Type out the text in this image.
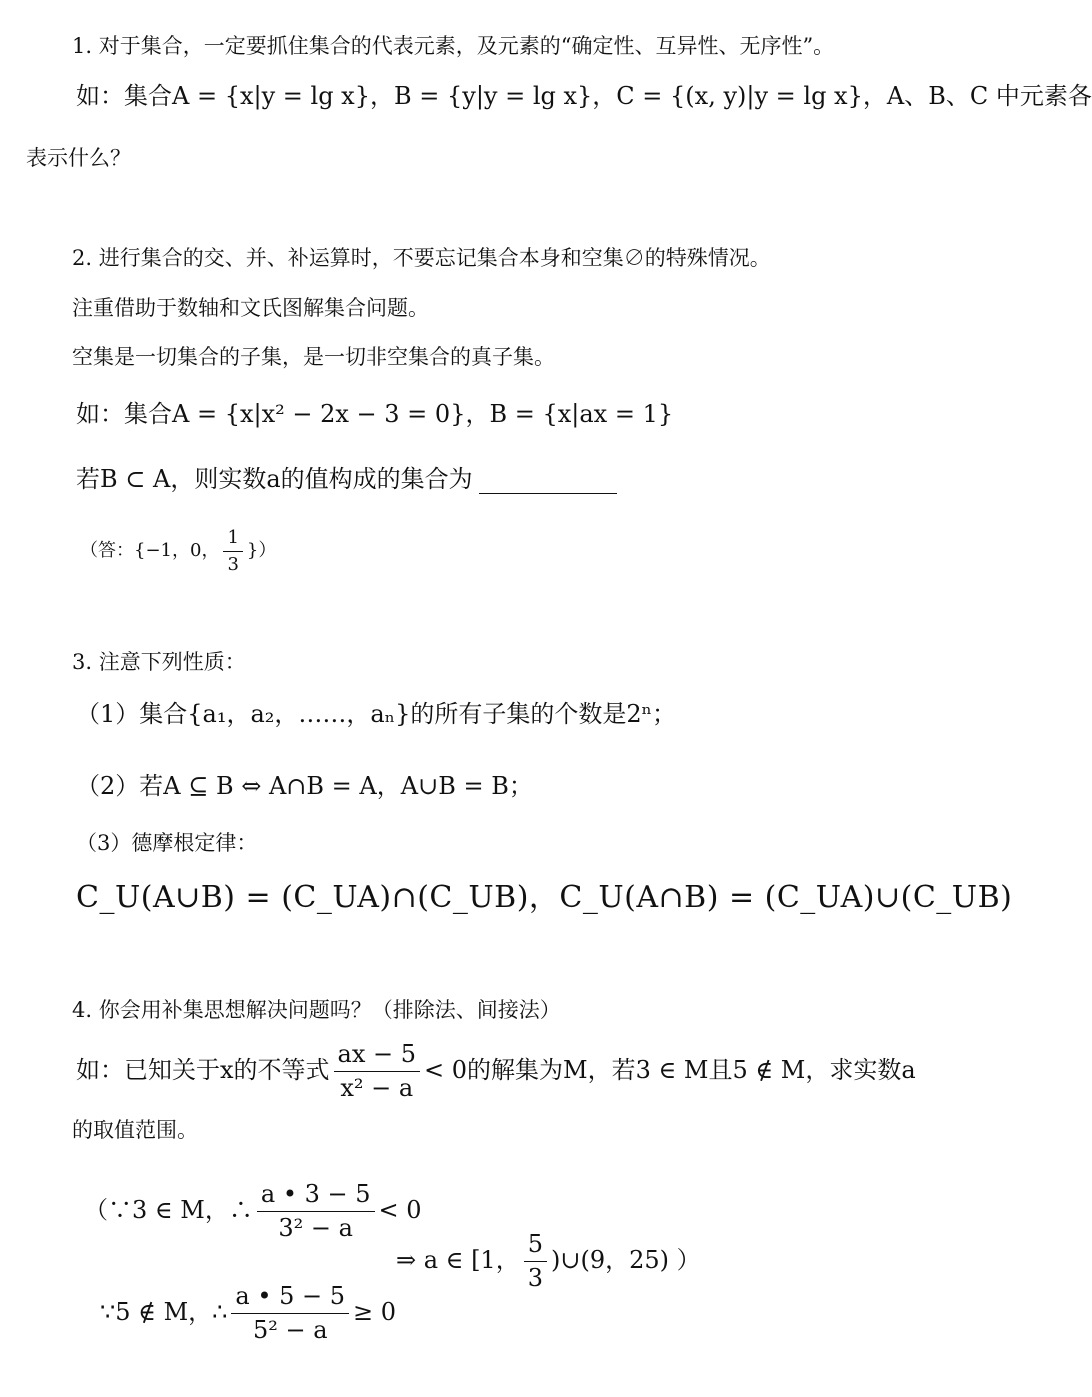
1. 对于集合，一定要抓住集合的代表元素，及元素的“确定性、互异性、无序性”。
如：集合A = {x|y = lg x}，B = {y|y = lg x}，C = {(x, y)|y = lg x}，A、B、C 中元素各
表示什么？
2. 进行集合的交、并、补运算时，不要忘记集合本身和空集∅的特殊情况。
注重借助于数轴和文氏图解集合问题。
空集是一切集合的子集，是一切非空集合的真子集。
如：集合A = {x|x² − 2x − 3 = 0}，B = {x|ax = 1}
若B ⊂ A，则实数a的值构成的集合为
（答：{−1，0， $\frac{1}{3}$ }）
3. 注意下列性质：
（1）集合{a₁，a₂，……，aₙ}的所有子集的个数是2ⁿ；
（2）若A ⊆ B ⇔ A∩B = A，A∪B = B；
（3）德摩根定律：
C_U(A∪B) = (C_UA)∩(C_UB)，C_U(A∩B) = (C_UA)∪(C_UB)
4. 你会用补集思想解决问题吗？（排除法、间接法）
如：已知关于x的不等式 $\frac{ax - 5}{\text{x² − a}} < 0$的解集为M，若3 ∈ M且5 ∉ M，求实数a
的取值范围。
（∵3 ∈ M，∴ $\frac{a • 3 - 5}{\text{3² − a}} < 0$
⇒ a ∈ [1， $\frac{5}{3}$ )∪(9，25) ）
∵5 ∉ M，∴ $\frac{a • 5 - 5}{\text{5² − a}} \ge 0$
